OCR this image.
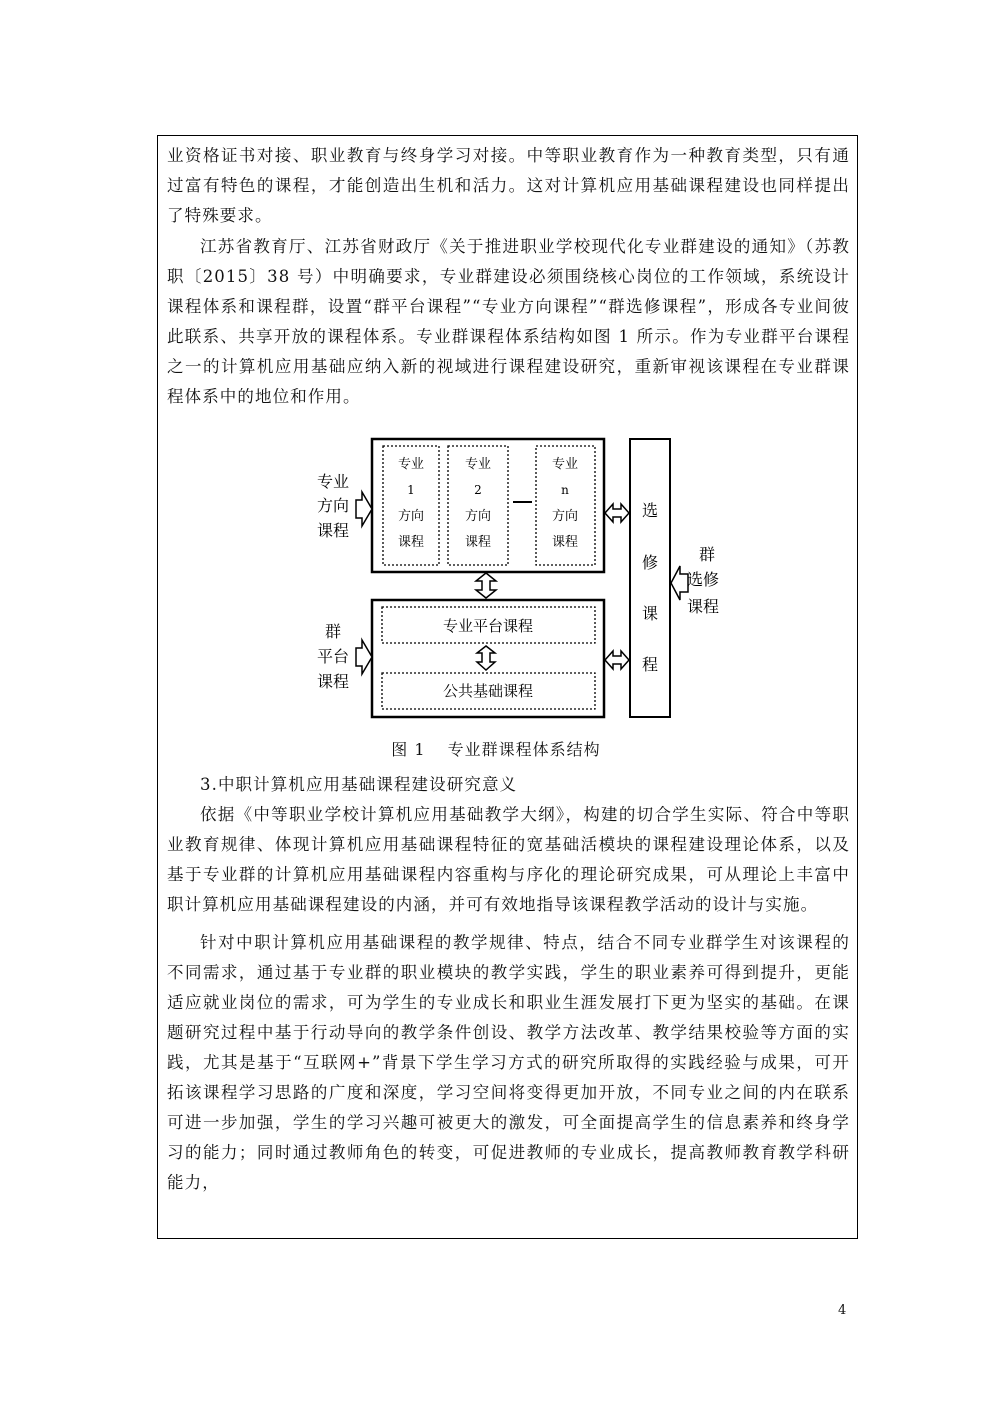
业资格证书对接、职业教育与终身学习对接。中等职业教育作为一种教育类型，只有通过富有特色的课程，才能创造出生机和活力。这对计算机应用基础课程建设也同样提出了特殊要求。

江苏省教育厅、江苏省财政厅《关于推进职业学校现代化专业群建设的通知》（苏教职〔2015〕38 号）中明确要求，专业群建设必须围绕核心岗位的工作领域，系统设计课程体系和课程群，设置“群平台课程”“专业方向课程”“群选修课程”，形成各专业间彼此联系、共享开放的课程体系。专业群课程体系结构如图 1 所示。作为专业群平台课程之一的计算机应用基础应纳入新的视域进行课程建设研究，重新审视该课程在专业群课程体系中的地位和作用。

专业
1
方向
课程
专业
2
方向
课程
专业
n
方向
课程
专业平台课程
公共基础课程
选
修
课
程
专业
方向
课程
群
平台
课程
群
选修
课程
图 1 专业群课程体系结构

3.中职计算机应用基础课程建设研究意义

依据《中等职业学校计算机应用基础教学大纲》，构建的切合学生实际、符合中等职业教育规律、体现计算机应用基础课程特征的宽基础活模块的课程建设理论体系，以及基于专业群的计算机应用基础课程内容重构与序化的理论研究成果，可从理论上丰富中职计算机应用基础课程建设的内涵，并可有效地指导该课程教学活动的设计与实施。

针对中职计算机应用基础课程的教学规律、特点，结合不同专业群学生对该课程的不同需求，通过基于专业群的职业模块的教学实践，学生的职业素养可得到提升，更能适应就业岗位的需求，可为学生的专业成长和职业生涯发展打下更为坚实的基础。在课题研究过程中基于行动导向的教学条件创设、教学方法改革、教学结果校验等方面的实践，尤其是基于“互联网+”背景下学生学习方式的研究所取得的实践经验与成果，可开拓该课程学习思路的广度和深度，学习空间将变得更加开放，不同专业之间的内在联系可进一步加强，学生的学习兴趣可被更大的激发，可全面提高学生的信息素养和终身学习的能力；同时通过教师角色的转变，可促进教师的专业成长，提高教师教育教学科研能力，

4
